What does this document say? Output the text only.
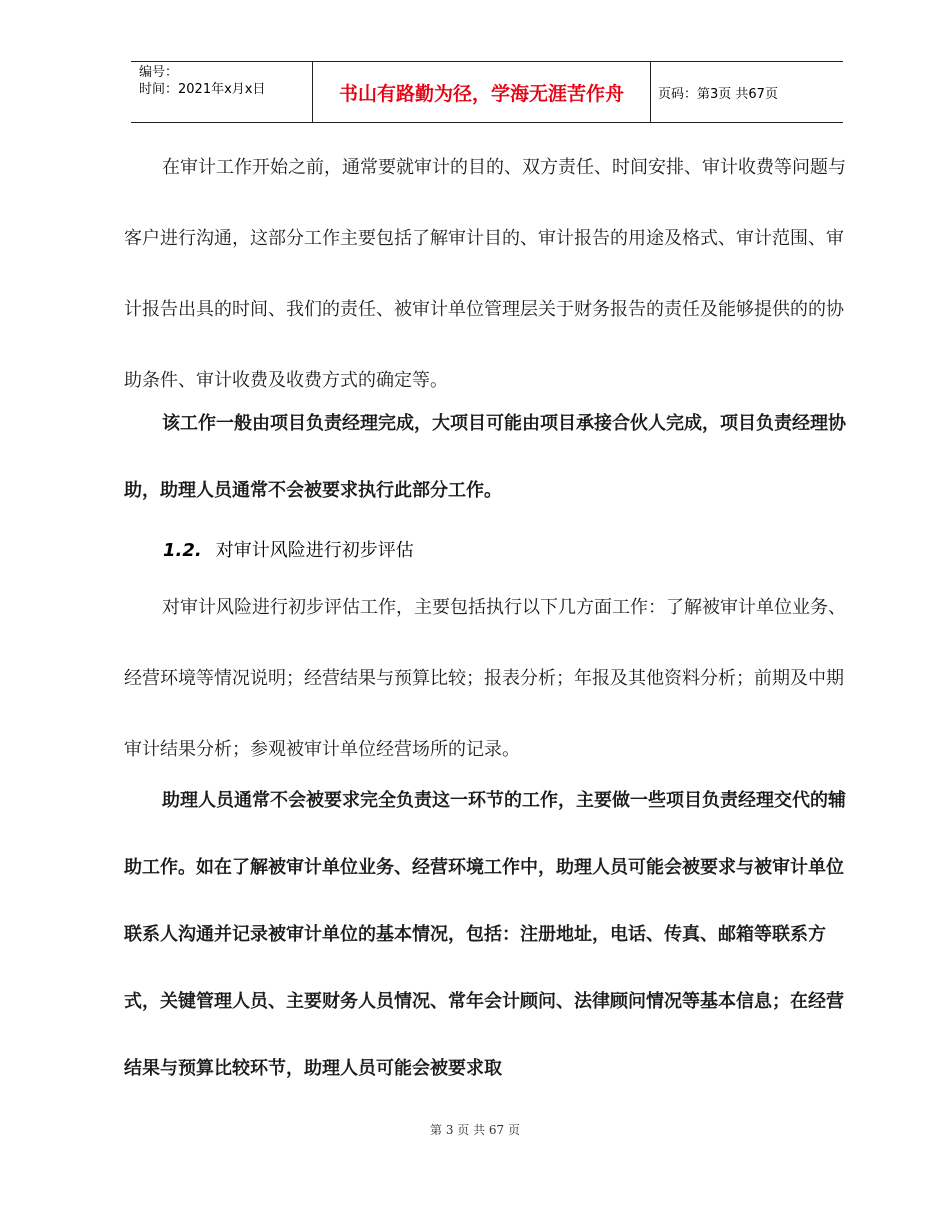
编号：
时间：2021年x月x日	书山有路勤为径，学海无涯苦作舟	页码：第3页 共67页

在审计工作开始之前，通常要就审计的目的、双方责任、时间安排、审计收费等问题与客户进行沟通，这部分工作主要包括了解审计目的、审计报告的用途及格式、审计范围、审计报告出具的时间、我们的责任、被审计单位管理层关于财务报告的责任及能够提供的的协助条件、审计收费及收费方式的确定等。

该工作一般由项目负责经理完成，大项目可能由项目承接合伙人完成，项目负责经理协助，助理人员通常不会被要求执行此部分工作。

1.2. 对审计风险进行初步评估

对审计风险进行初步评估工作，主要包括执行以下几方面工作：了解被审计单位业务、经营环境等情况说明；经营结果与预算比较；报表分析；年报及其他资料分析；前期及中期审计结果分析；参观被审计单位经营场所的记录。

助理人员通常不会被要求完全负责这一环节的工作，主要做一些项目负责经理交代的辅助工作。如在了解被审计单位业务、经营环境工作中，助理人员可能会被要求与被审计单位联系人沟通并记录被审计单位的基本情况，包括：注册地址，电话、传真、邮箱等联系方式，关键管理人员、主要财务人员情况、常年会计顾问、法律顾问情况等基本信息；在经营结果与预算比较环节，助理人员可能会被要求取

第 3 页 共 67 页
